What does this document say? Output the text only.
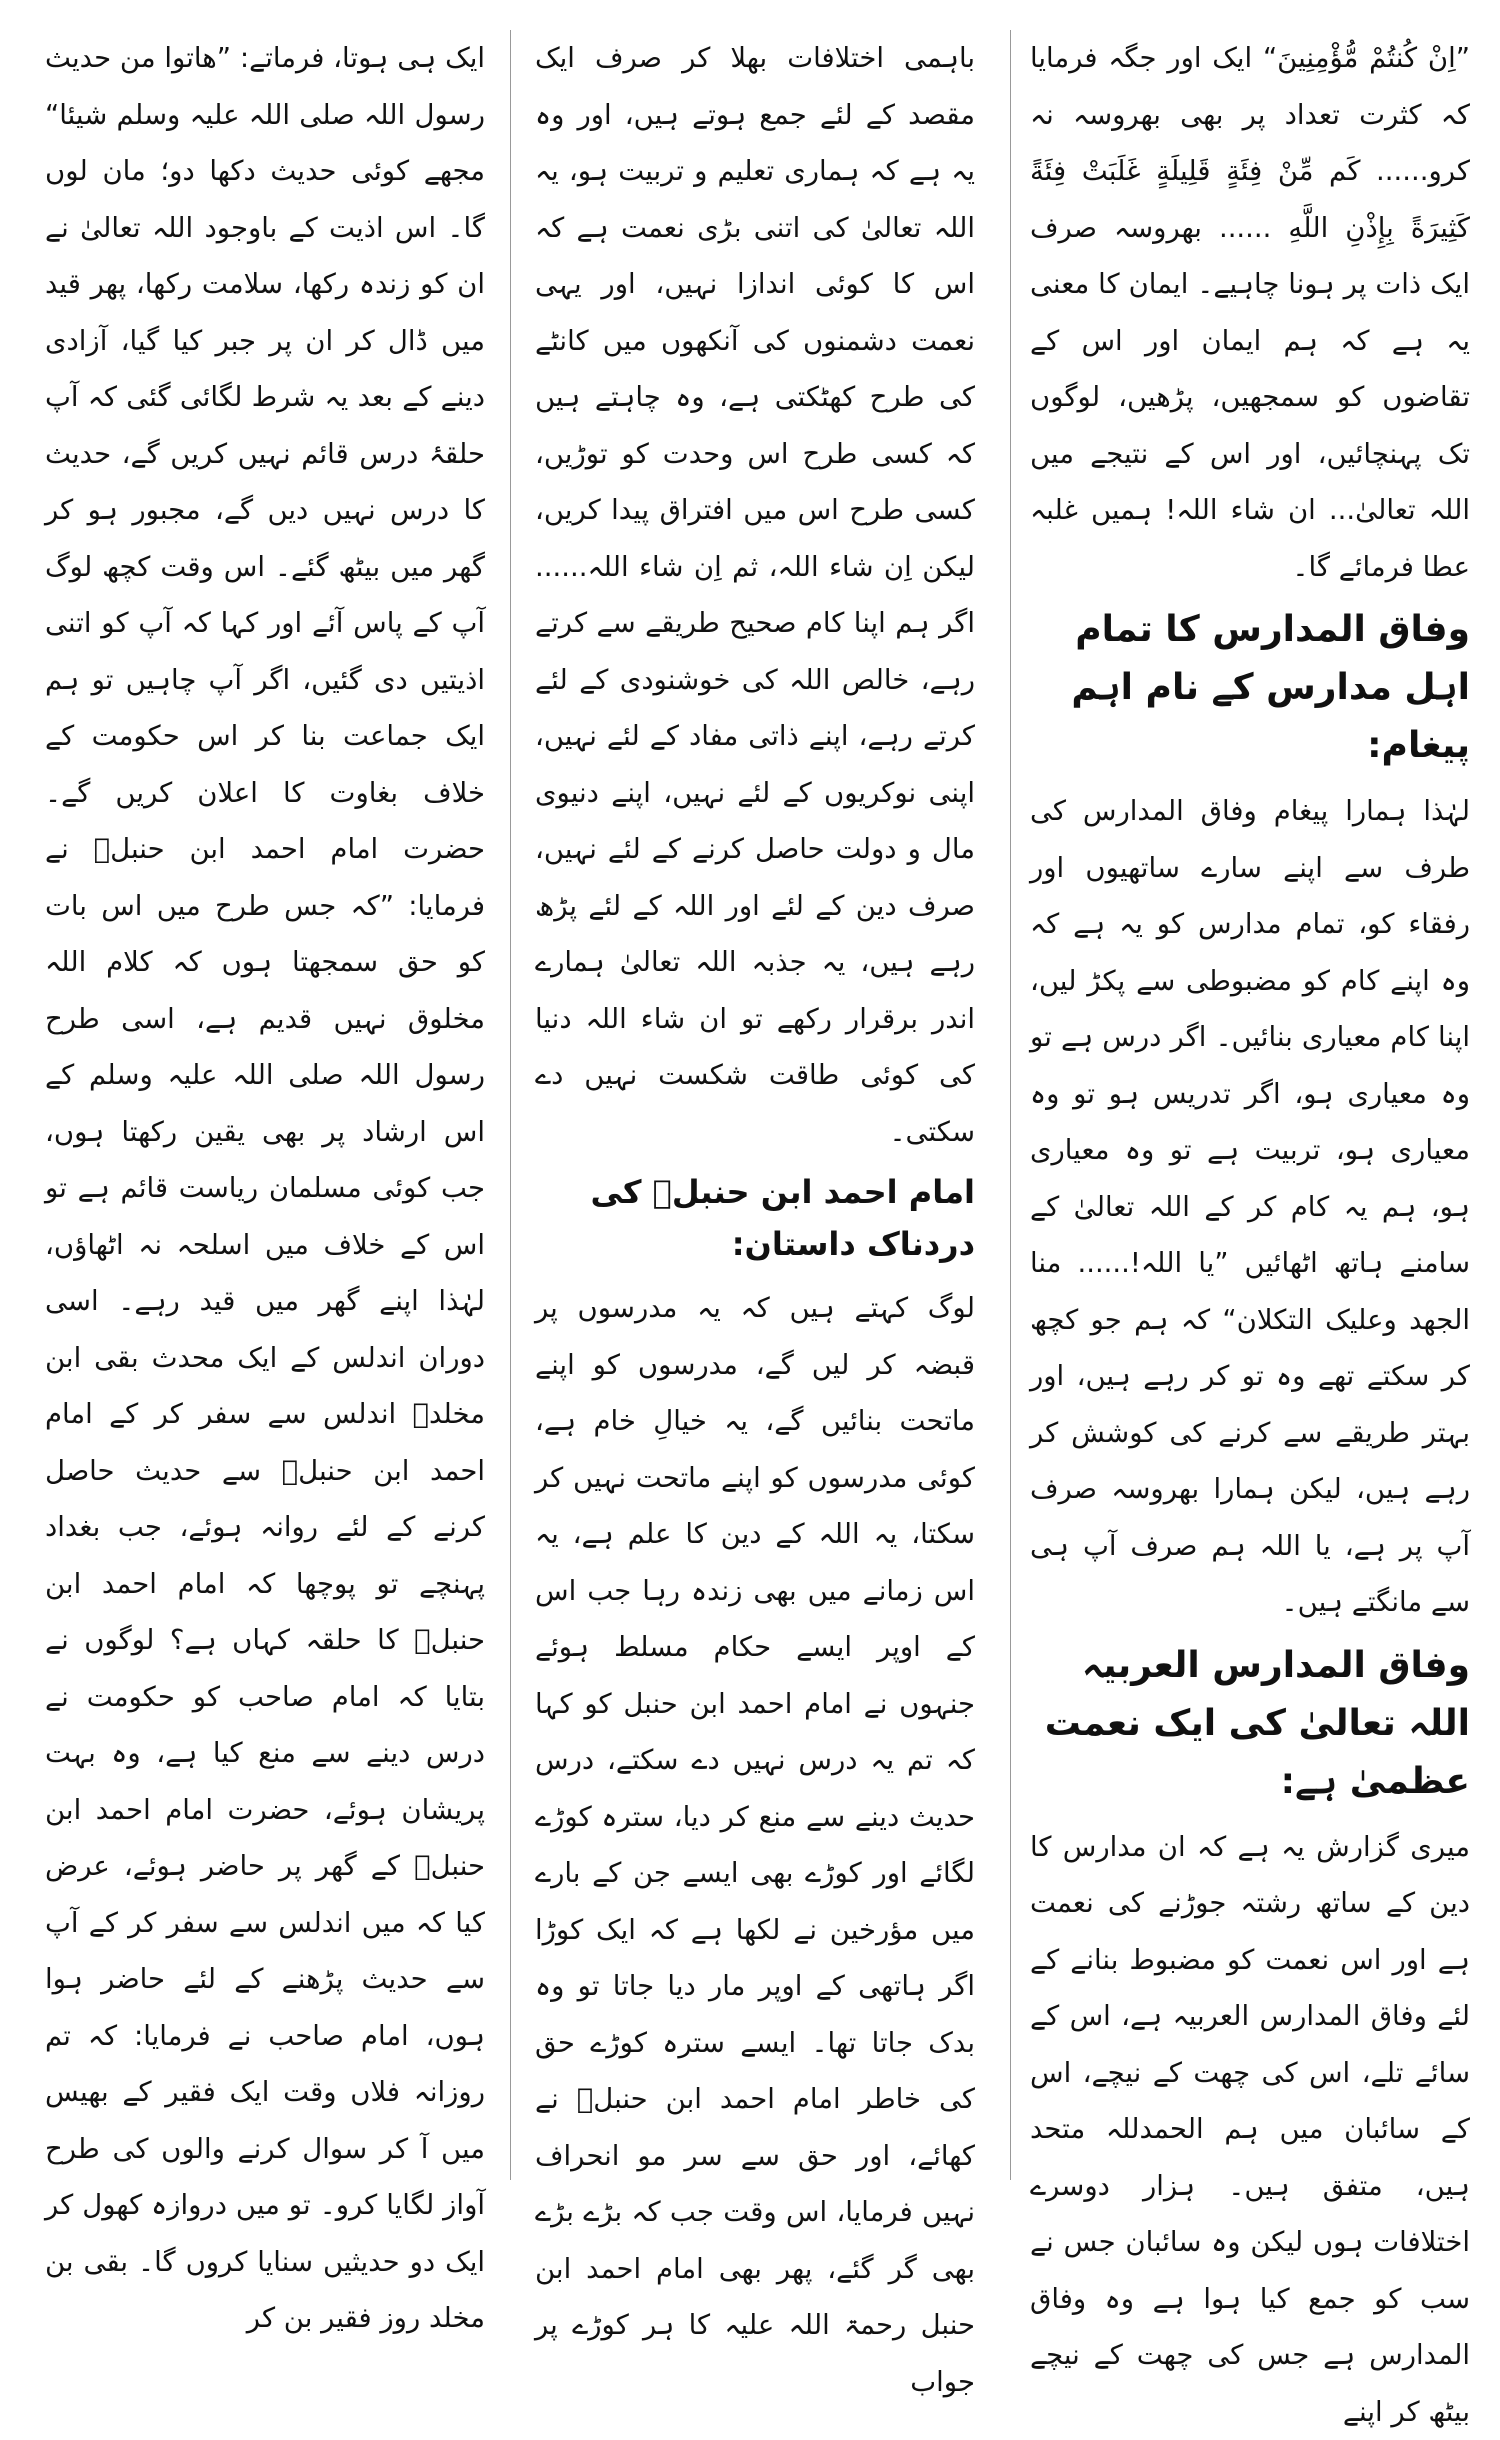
”اِنْ كُنتُمْ مُّؤْمِنِينَ“ ایک اور جگہ فرمایا کہ کثرت تعداد پر بھی بھروسہ نہ کرو...... كَم مِّنْ فِئَةٍ قَلِيلَةٍ غَلَبَتْ فِئَةً كَثِيرَةً بِإِذْنِ اللَّهِ ...... بھروسہ صرف ایک ذات پر ہونا چاہیے۔ ایمان کا معنی یہ ہے کہ ہم ایمان اور اس کے تقاضوں کو سمجھیں، پڑھیں، لوگوں تک پہنچائیں، اور اس کے نتیجے میں اللہ تعالیٰ... ان شاء اللہ! ہمیں غلبہ عطا فرمائے گا۔

وفاق المدارس کا تمام اہل مدارس کے نام اہم پیغام:

لہٰذا ہمارا پیغام وفاق المدارس کی طرف سے اپنے سارے ساتھیوں اور رفقاء کو، تمام مدارس کو یہ ہے کہ وہ اپنے کام کو مضبوطی سے پکڑ لیں، اپنا کام معیاری بنائیں۔ اگر درس ہے تو وہ معیاری ہو، اگر تدریس ہو تو وہ معیاری ہو، تربیت ہے تو وہ معیاری ہو، ہم یہ کام کر کے اللہ تعالیٰ کے سامنے ہاتھ اٹھائیں ”یا اللہ!...... منا الجهد وعلیک التکلان“ کہ ہم جو کچھ کر سکتے تھے وہ تو کر رہے ہیں، اور بہتر طریقے سے کرنے کی کوشش کر رہے ہیں، لیکن ہمارا بھروسہ صرف آپ پر ہے، یا اللہ ہم صرف آپ ہی سے مانگتے ہیں۔

وفاق المدارس العربیہ اللہ تعالیٰ کی ایک نعمت عظمیٰ ہے:

میری گزارش یہ ہے کہ ان مدارس کا دین کے ساتھ رشتہ جوڑنے کی نعمت ہے اور اس نعمت کو مضبوط بنانے کے لئے وفاق المدارس العربیہ ہے، اس کے سائے تلے، اس کی چھت کے نیچے، اس کے سائبان میں ہم الحمدللہ متحد ہیں، متفق ہیں۔ ہزار دوسرے اختلافات ہوں لیکن وہ سائبان جس نے سب کو جمع کیا ہوا ہے وہ وفاق المدارس ہے جس کی چھت کے نیچے بیٹھ کر اپنے

باہمی اختلافات بھلا کر صرف ایک مقصد کے لئے جمع ہوتے ہیں، اور وہ یہ ہے کہ ہماری تعلیم و تربیت ہو، یہ اللہ تعالیٰ کی اتنی بڑی نعمت ہے کہ اس کا کوئی اندازا نہیں، اور یہی نعمت دشمنوں کی آنکھوں میں کانٹے کی طرح کھٹکتی ہے، وہ چاہتے ہیں کہ کسی طرح اس وحدت کو توڑیں، کسی طرح اس میں افتراق پیدا کریں، لیکن اِن شاء اللہ، ثم اِن شاء اللہ...... اگر ہم اپنا کام صحیح طریقے سے کرتے رہے، خالص اللہ کی خوشنودی کے لئے کرتے رہے، اپنے ذاتی مفاد کے لئے نہیں، اپنی نوکریوں کے لئے نہیں، اپنے دنیوی مال و دولت حاصل کرنے کے لئے نہیں، صرف دین کے لئے اور اللہ کے لئے پڑھ رہے ہیں، یہ جذبہ اللہ تعالیٰ ہمارے اندر برقرار رکھے تو ان شاء اللہ دنیا کی کوئی طاقت شکست نہیں دے سکتی۔

امام احمد ابن حنبلؒ کی دردناک داستان:

لوگ کہتے ہیں کہ یہ مدرسوں پر قبضہ کر لیں گے، مدرسوں کو اپنے ماتحت بنائیں گے، یہ خیالِ خام ہے، کوئی مدرسوں کو اپنے ماتحت نہیں کر سکتا، یہ اللہ کے دین کا علم ہے، یہ اس زمانے میں بھی زندہ رہا جب اس کے اوپر ایسے حکام مسلط ہوئے جنہوں نے امام احمد ابن حنبل کو کہا کہ تم یہ درس نہیں دے سکتے، درس حدیث دینے سے منع کر دیا، سترہ کوڑے لگائے اور کوڑے بھی ایسے جن کے بارے میں مؤرخین نے لکھا ہے کہ ایک کوڑا اگر ہاتھی کے اوپر مار دیا جاتا تو وہ بدک جاتا تھا۔ ایسے سترہ کوڑے حق کی خاطر امام احمد ابن حنبلؒ نے کھائے، اور حق سے سر مو انحراف نہیں فرمایا، اس وقت جب کہ بڑے بڑے بھی گر گئے، پھر بھی امام احمد ابن حنبل رحمۃ اللہ علیہ کا ہر کوڑے پر جواب

ایک ہی ہوتا، فرماتے: ”ھاتوا من حدیث رسول اللہ صلی اللہ علیہ وسلم شیئا“ مجھے کوئی حدیث دکھا دو؛ مان لوں گا۔ اس اذیت کے باوجود اللہ تعالیٰ نے ان کو زندہ رکھا، سلامت رکھا، پھر قید میں ڈال کر ان پر جبر کیا گیا، آزادی دینے کے بعد یہ شرط لگائی گئی کہ آپ حلقۂ درس قائم نہیں کریں گے، حدیث کا درس نہیں دیں گے، مجبور ہو کر گھر میں بیٹھ گئے۔ اس وقت کچھ لوگ آپ کے پاس آئے اور کہا کہ آپ کو اتنی اذیتیں دی گئیں، اگر آپ چاہیں تو ہم ایک جماعت بنا کر اس حکومت کے خلاف بغاوت کا اعلان کریں گے۔ حضرت امام احمد ابن حنبلؒ نے فرمایا: ”کہ جس طرح میں اس بات کو حق سمجھتا ہوں کہ کلام اللہ مخلوق نہیں قدیم ہے، اسی طرح رسول اللہ صلی اللہ علیہ وسلم کے اس ارشاد پر بھی یقین رکھتا ہوں، جب کوئی مسلمان ریاست قائم ہے تو اس کے خلاف میں اسلحہ نہ اٹھاؤں، لہٰذا اپنے گھر میں قید رہے۔ اسی دوران اندلس کے ایک محدث بقی ابن مخلدؒ اندلس سے سفر کر کے امام احمد ابن حنبلؒ سے حدیث حاصل کرنے کے لئے روانہ ہوئے، جب بغداد پہنچے تو پوچھا کہ امام احمد ابن حنبلؒ کا حلقہ کہاں ہے؟ لوگوں نے بتایا کہ امام صاحب کو حکومت نے درس دینے سے منع کیا ہے، وہ بہت پریشان ہوئے، حضرت امام احمد ابن حنبلؒ کے گھر پر حاضر ہوئے، عرض کیا کہ میں اندلس سے سفر کر کے آپ سے حدیث پڑھنے کے لئے حاضر ہوا ہوں، امام صاحب نے فرمایا: کہ تم روزانہ فلاں وقت ایک فقیر کے بھیس میں آ کر سوال کرنے والوں کی طرح آواز لگایا کرو۔ تو میں دروازہ کھول کر ایک دو حدیثیں سنایا کروں گا۔ بقی بن مخلد روز فقیر بن کر
